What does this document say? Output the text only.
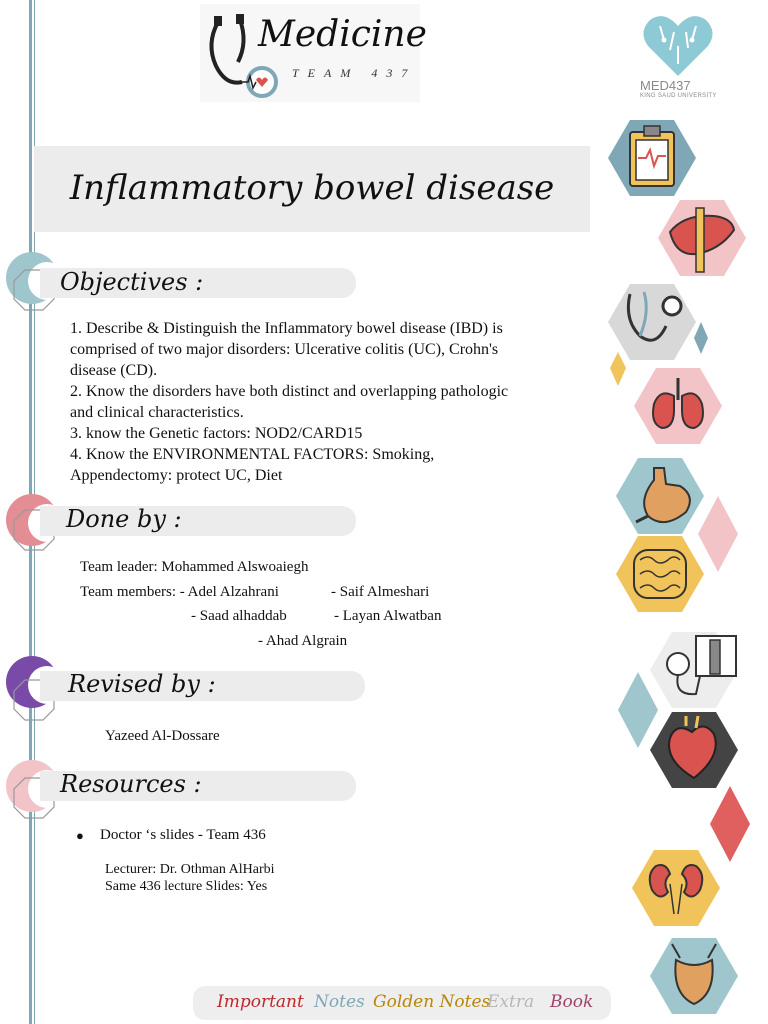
Medicine
TEAM 437
MED437
KING SAUD UNIVERSITY
Inflammatory bowel disease
Objectives :
1. Describe & Distinguish the Inflammatory bowel disease (IBD) is
comprised of two major disorders: Ulcerative colitis (UC), Crohn's
disease (CD).
2. Know the disorders have both distinct and overlapping pathologic
and clinical characteristics.
3. know the Genetic factors: NOD2/CARD15
4. Know the ENVIRONMENTAL FACTORS: Smoking,
Appendectomy: protect UC, Diet
Done by :
Team leader: Mohammed Alswoaiegh
Team members: - Adel Alzahrani	- Saif Almeshari
- Saad alhaddab	- Layan Alwatban
- Ahad Algrain
Revised by :
Yazeed Al-Dossare
Resources :
● Doctor ‘s slides - Team 436
Lecturer: Dr. Othman AlHarbi
Same 436 lecture Slides: Yes
Important Notes Golden Notes
Extra Book
